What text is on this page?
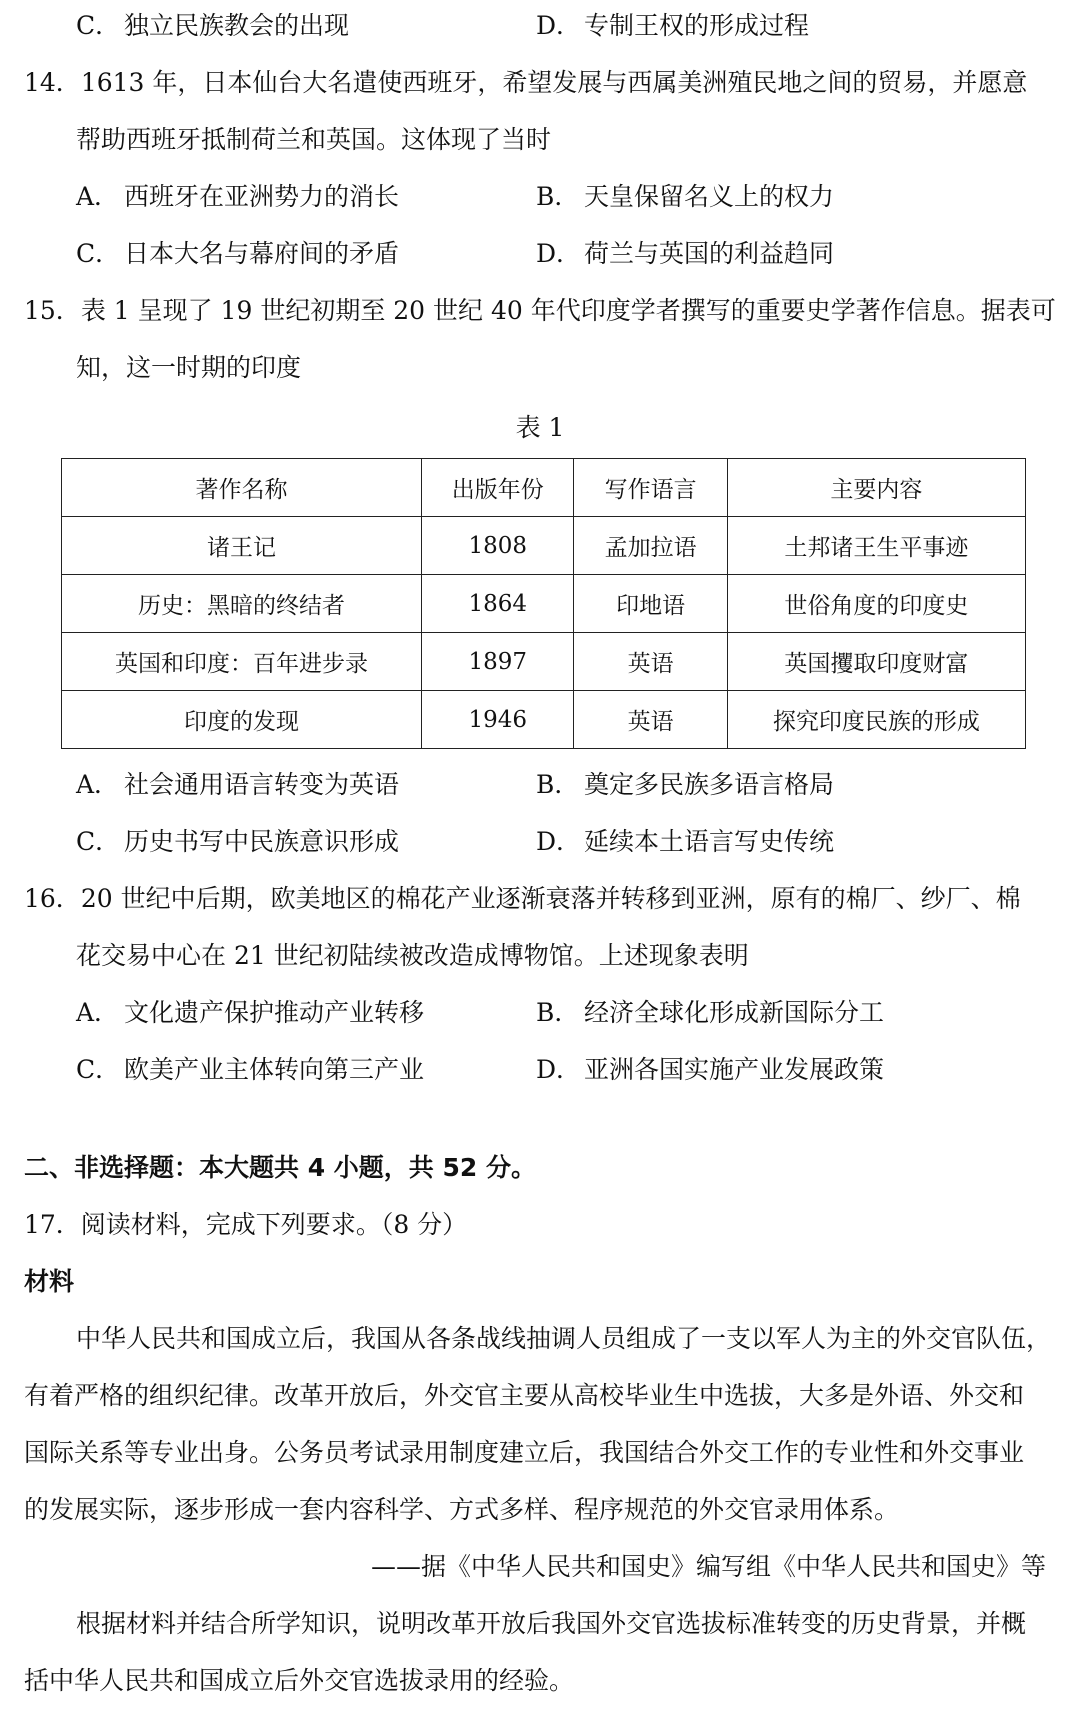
C． 独立民族教会的出现	D． 专制王权的形成过程
14．1613 年，日本仙台大名遣使西班牙，希望发展与西属美洲殖民地之间的贸易，并愿意
帮助西班牙抵制荷兰和英国。这体现了当时
A． 西班牙在亚洲势力的消长	B． 天皇保留名义上的权力
C． 日本大名与幕府间的矛盾	D． 荷兰与英国的利益趋同
15．表 1 呈现了 19 世纪初期至 20 世纪 40 年代印度学者撰写的重要史学著作信息。据表可
知，这一时期的印度
表 1
著作名称	出版年份	写作语言	主要内容
诸王记	1808	孟加拉语	土邦诸王生平事迹
历史：黑暗的终结者	1864	印地语	世俗角度的印度史
英国和印度：百年进步录	1897	英语	英国攫取印度财富
印度的发现	1946	英语	探究印度民族的形成
A． 社会通用语言转变为英语	B． 奠定多民族多语言格局
C． 历史书写中民族意识形成	D． 延续本土语言写史传统
16．20 世纪中后期，欧美地区的棉花产业逐渐衰落并转移到亚洲，原有的棉厂、纱厂、棉
花交易中心在 21 世纪初陆续被改造成博物馆。上述现象表明
A． 文化遗产保护推动产业转移	B． 经济全球化形成新国际分工
C． 欧美产业主体转向第三产业	D． 亚洲各国实施产业发展政策
二、非选择题：本大题共 4 小题，共 52 分。
17．阅读材料，完成下列要求。（8 分）
材料
中华人民共和国成立后，我国从各条战线抽调人员组成了一支以军人为主的外交官队伍，
有着严格的组织纪律。改革开放后，外交官主要从高校毕业生中选拔，大多是外语、外交和
国际关系等专业出身。公务员考试录用制度建立后，我国结合外交工作的专业性和外交事业
的发展实际，逐步形成一套内容科学、方式多样、程序规范的外交官录用体系。
——据《中华人民共和国史》编写组《中华人民共和国史》等
根据材料并结合所学知识，说明改革开放后我国外交官选拔标准转变的历史背景，并概
括中华人民共和国成立后外交官选拔录用的经验。
